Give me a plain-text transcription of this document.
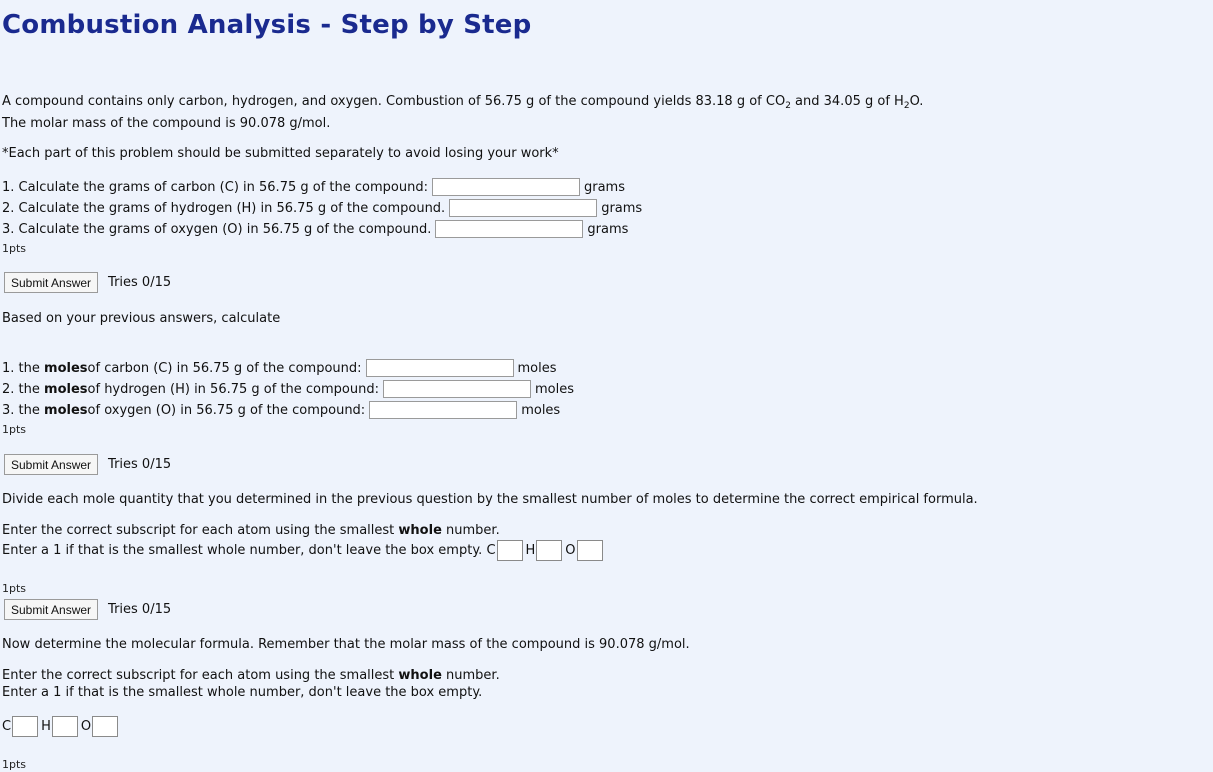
Combustion Analysis - Step by Step
A compound contains only carbon, hydrogen, and oxygen. Combustion of 56.75 g of the compound yields 83.18 g of $CO_2$ and 34.05 g of $H_2O$.
The molar mass of the compound is 90.078 g/mol.
*Each part of this problem should be submitted separately to avoid losing your work*
1. Calculate the grams of carbon (C) in 56.75 g of the compound:	grams
2. Calculate the grams of hydrogen (H) in 56.75 g of the compound.	grams
3. Calculate the grams of oxygen (O) in 56.75 g of the compound.	grams
1pts
Submit Answer	Tries 0/15
Based on your previous answers, calculate
1.
the
moles of carbon (C) in 56.75 g of the compound:	moles
2.
the
moles of hydrogen (H) in 56.75 g of the compound:	moles
3.
the
moles of oxygen (O) in 56.75 g of the compound:	moles
1pts
Submit Answer	Tries 0/15
Divide each mole quantity that you determined in the previous question by the smallest number of moles to determine the correct empirical formula.
Enter the correct subscript for each atom using the smallest whole number.
Enter a 1 if that is the smallest whole number, don't leave the box empty.
C H O
1pts
Submit Answer	Tries 0/15
Now determine the molecular formula. Remember that the molar mass of the compound is 90.078 g/mol.
Enter the correct subscript for each atom using the smallest whole number.
Enter a 1 if that is the smallest whole number, don't leave the box empty.
C H O
1pts
